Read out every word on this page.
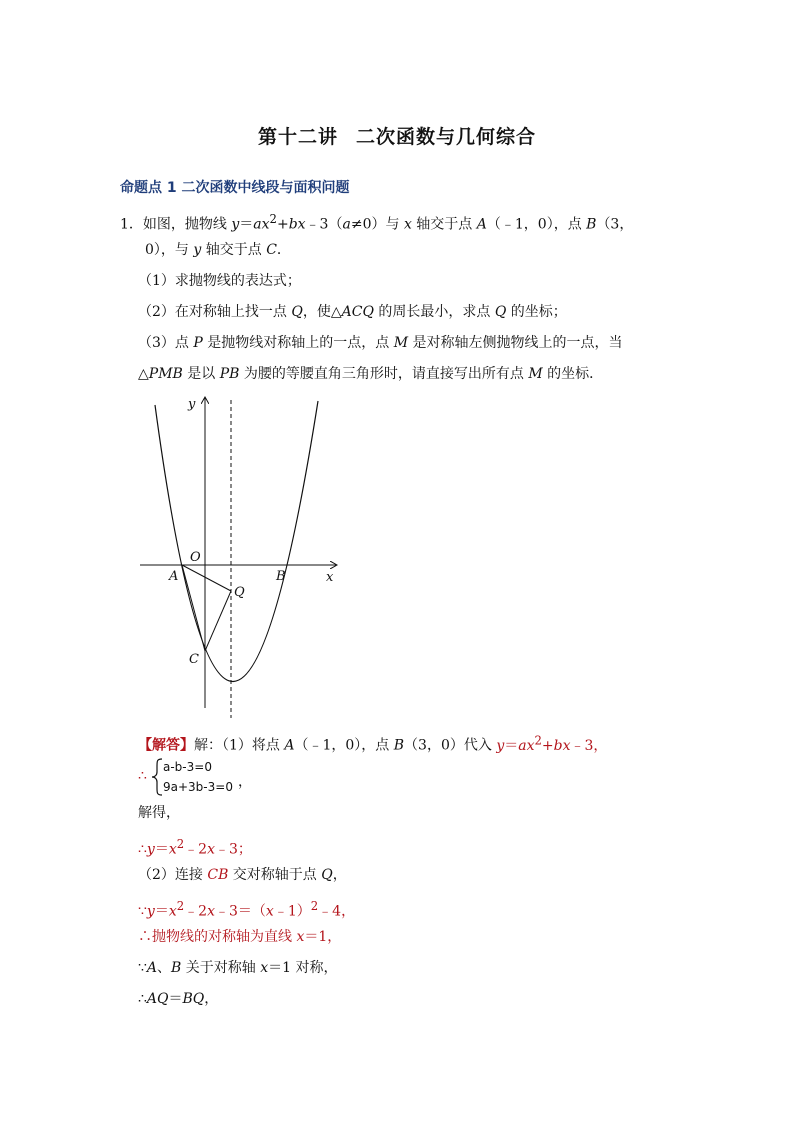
第十二讲 二次函数与几何综合
命题点 1 二次函数中线段与面积问题
1．如图，抛物线 $y=ax^2+bx﹣3(a\ne 0)$与 x 轴交于点 A（﹣1，0），点 B（3，
0），与 y 轴交于点 C．
（1）求抛物线的表达式；
（2）在对称轴上找一点 Q，使△ACQ 的周长最小，求点 Q 的坐标；
（3）点 P 是抛物线对称轴上的一点，点 M 是对称轴左侧抛物线上的一点，当
△PMB 是以 PB 为腰的等腰直角三角形时，请直接写出所有点 M 的坐标．
y
x
O
A	B
Q
C
【解答】解：（1）将点 A（﹣1，0），点 B（3，0）代入 $y=ax^2+bx﹣3$，
∴
a-b-3=0
9a+3b-3=0 ，
解得，
$\therefore y=x^2﹣2x﹣3$；
（2）连接 CB 交对称轴于点 Q，
$\because y=x^2﹣2x﹣3=(x﹣1)^2﹣4$，
∴抛物线的对称轴为直线 x＝1，
∵A、B 关于对称轴 x＝1 对称，
∴AQ＝BQ，
